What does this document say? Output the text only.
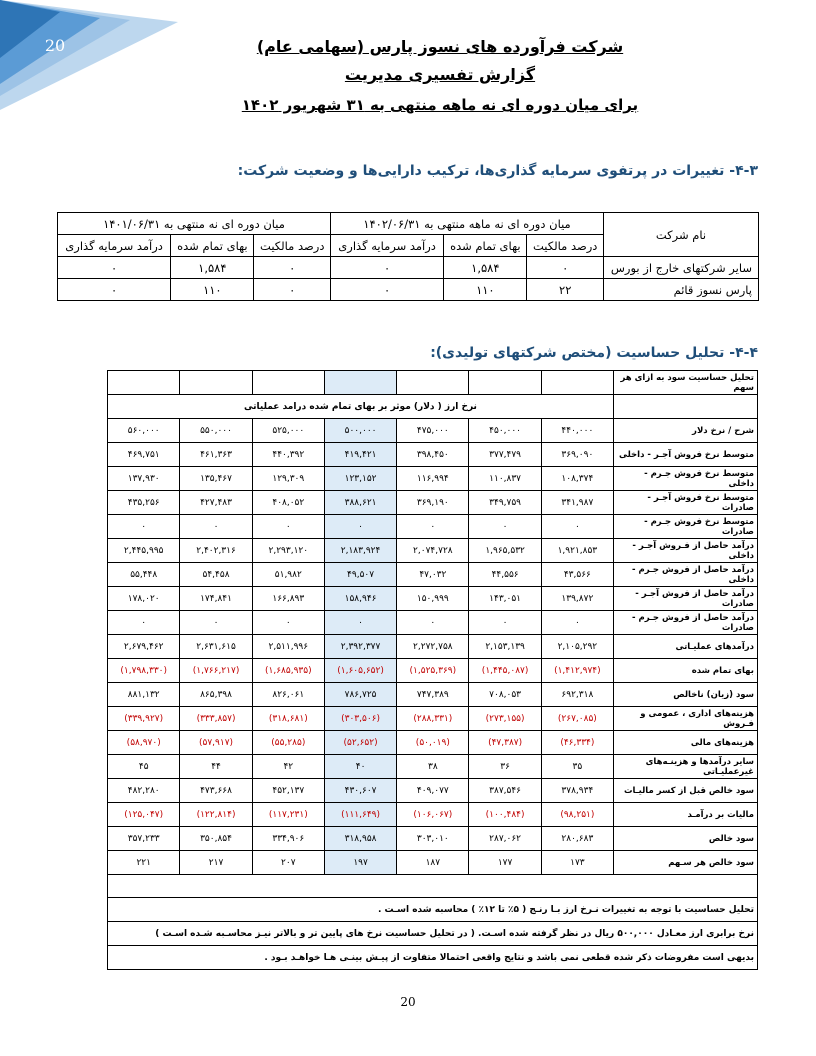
20	شرکت فرآورده های نسوز پارس (سهامی عام)
گزارش تفسیری مدیریت
برای میان دوره ای نه ماهه منتهی به ۳۱ شهریور ۱۴۰۲
۴-۳- تغییرات در پرتفوی سرمایه گذاری‌ها، ترکیب دارایی‌ها و وضعیت شرکت:
نام شرکت	میان دوره ای نه ماهه منتهی به ۱۴۰۲/۰۶/۳۱			میان دوره ای نه منتهی به ۱۴۰۱/۰۶/۳۱		
	درصد مالکیت	بهای تمام شده	درآمد سرمایه گذاری	درصد مالکیت	بهای تمام شده	درآمد سرمایه گذاری
سایر شرکتهای خارج از بورس	۰	۱,۵۸۴	۰	۰	۱,۵۸۴	۰
پارس نسوز قائم	۲۲	۱۱۰	۰	۰	۱۱۰	۰
۴-۴- تحلیل حساسیت (مختص شرکتهای تولیدی):
تحلیل حساسیت سود به ازای هر سهم							
	نرخ ارز ( دلار) موثر بر بهای تمام شده درامد عملیاتی						
شرح / نرخ دلار	۴۴۰,۰۰۰	۴۵۰,۰۰۰	۴۷۵,۰۰۰	۵۰۰,۰۰۰	۵۲۵,۰۰۰	۵۵۰,۰۰۰	۵۶۰,۰۰۰
متوسط نرخ فروش آجـر - داخلی	۳۶۹,۰۹۰	۳۷۷,۴۷۹	۳۹۸,۴۵۰	۴۱۹,۴۲۱	۴۴۰,۳۹۲	۴۶۱,۳۶۳	۴۶۹,۷۵۱
متوسط نرخ فروش جـرم - داخلی	۱۰۸,۳۷۴	۱۱۰,۸۳۷	۱۱۶,۹۹۴	۱۲۳,۱۵۲	۱۲۹,۳۰۹	۱۳۵,۴۶۷	۱۳۷,۹۳۰
متوسط نرخ فروش آجـر - صادرات	۳۴۱,۹۸۷	۳۴۹,۷۵۹	۳۶۹,۱۹۰	۳۸۸,۶۲۱	۴۰۸,۰۵۲	۴۲۷,۴۸۳	۴۳۵,۲۵۶
متوسط نرخ فروش جـرم - صادرات	۰	۰	۰	۰	۰	۰	۰
درآمد حاصل از فـروش آجـر - داخلی	۱,۹۲۱,۸۵۳	۱,۹۶۵,۵۳۲	۲,۰۷۴,۷۲۸	۲,۱۸۳,۹۲۴	۲,۲۹۳,۱۲۰	۲,۴۰۲,۳۱۶	۲,۴۴۵,۹۹۵
درآمد حاصل از فروش جـرم - داخلی	۴۳,۵۶۶	۴۴,۵۵۶	۴۷,۰۳۲	۴۹,۵۰۷	۵۱,۹۸۲	۵۴,۴۵۸	۵۵,۴۴۸
درآمد حاصل از فروش آجـر - صادرات	۱۳۹,۸۷۲	۱۴۳,۰۵۱	۱۵۰,۹۹۹	۱۵۸,۹۴۶	۱۶۶,۸۹۳	۱۷۴,۸۴۱	۱۷۸,۰۲۰
درآمد حاصل از فروش جـرم - صادرات	۰	۰	۰	۰	۰	۰	۰
درآمدهای عملیـاتی	۲,۱۰۵,۲۹۲	۲,۱۵۳,۱۳۹	۲,۲۷۲,۷۵۸	۲,۳۹۲,۳۷۷	۲,۵۱۱,۹۹۶	۲,۶۳۱,۶۱۵	۲,۶۷۹,۴۶۲
بهای تمام شده	(۱,۴۱۲,۹۷۴)	(۱,۴۴۵,۰۸۷)	(۱,۵۲۵,۳۶۹)	(۱,۶۰۵,۶۵۲)	(۱,۶۸۵,۹۳۵)	(۱,۷۶۶,۲۱۷)	(۱,۷۹۸,۳۳۰)
سود (زیان) ناخالص	۶۹۲,۳۱۸	۷۰۸,۰۵۳	۷۴۷,۳۸۹	۷۸۶,۷۲۵	۸۲۶,۰۶۱	۸۶۵,۳۹۸	۸۸۱,۱۳۲
هزینه‌های اداری ، عمومی و فـروش	(۲۶۷,۰۸۵)	(۲۷۳,۱۵۵)	(۲۸۸,۳۳۱)	(۳۰۳,۵۰۶)	(۳۱۸,۶۸۱)	(۳۳۳,۸۵۷)	(۳۳۹,۹۲۷)
هزینه‌های مالی	(۴۶,۳۳۴)	(۴۷,۳۸۷)	(۵۰,۰۱۹)	(۵۲,۶۵۲)	(۵۵,۲۸۵)	(۵۷,۹۱۷)	(۵۸,۹۷۰)
سایر درآمدها و هزینـه‌های غیرعملیـاتی	۳۵	۳۶	۳۸	۴۰	۴۲	۴۴	۴۵
سود خالص قبل از کسر مالیـات	۳۷۸,۹۳۴	۳۸۷,۵۴۶	۴۰۹,۰۷۷	۴۳۰,۶۰۷	۴۵۲,۱۳۷	۴۷۳,۶۶۸	۴۸۲,۲۸۰
مالیات بر درآمـد	(۹۸,۲۵۱)	(۱۰۰,۴۸۴)	(۱۰۶,۰۶۷)	(۱۱۱,۶۴۹)	(۱۱۷,۲۳۱)	(۱۲۲,۸۱۴)	(۱۲۵,۰۴۷)
سود خالص	۲۸۰,۶۸۳	۲۸۷,۰۶۲	۳۰۳,۰۱۰	۳۱۸,۹۵۸	۳۳۴,۹۰۶	۳۵۰,۸۵۴	۳۵۷,۲۳۳
سود خالص هر سـهم	۱۷۳	۱۷۷	۱۸۷	۱۹۷	۲۰۷	۲۱۷	۲۲۱

تحلیل حساسیت با توجه به تغییرات نـرخ ارز بـا رنـج ( ۵٪ تا ۱۲٪ ) محاسبه شده اسـت .							
نرخ برابری ارز معـادل ۵۰۰,۰۰۰ ریال در نظر گرفته شده اسـت. ( در تحلیل حساسیت نرخ های پایین تر و بالاتر نیـز محاسـبه شـده اسـت )							
بدیهی است مفروضات ذکر شده قطعی نمی باشد و نتایج واقعی احتمالا متفاوت از پیـش بینـی هـا خواهـد بـود .							
20
